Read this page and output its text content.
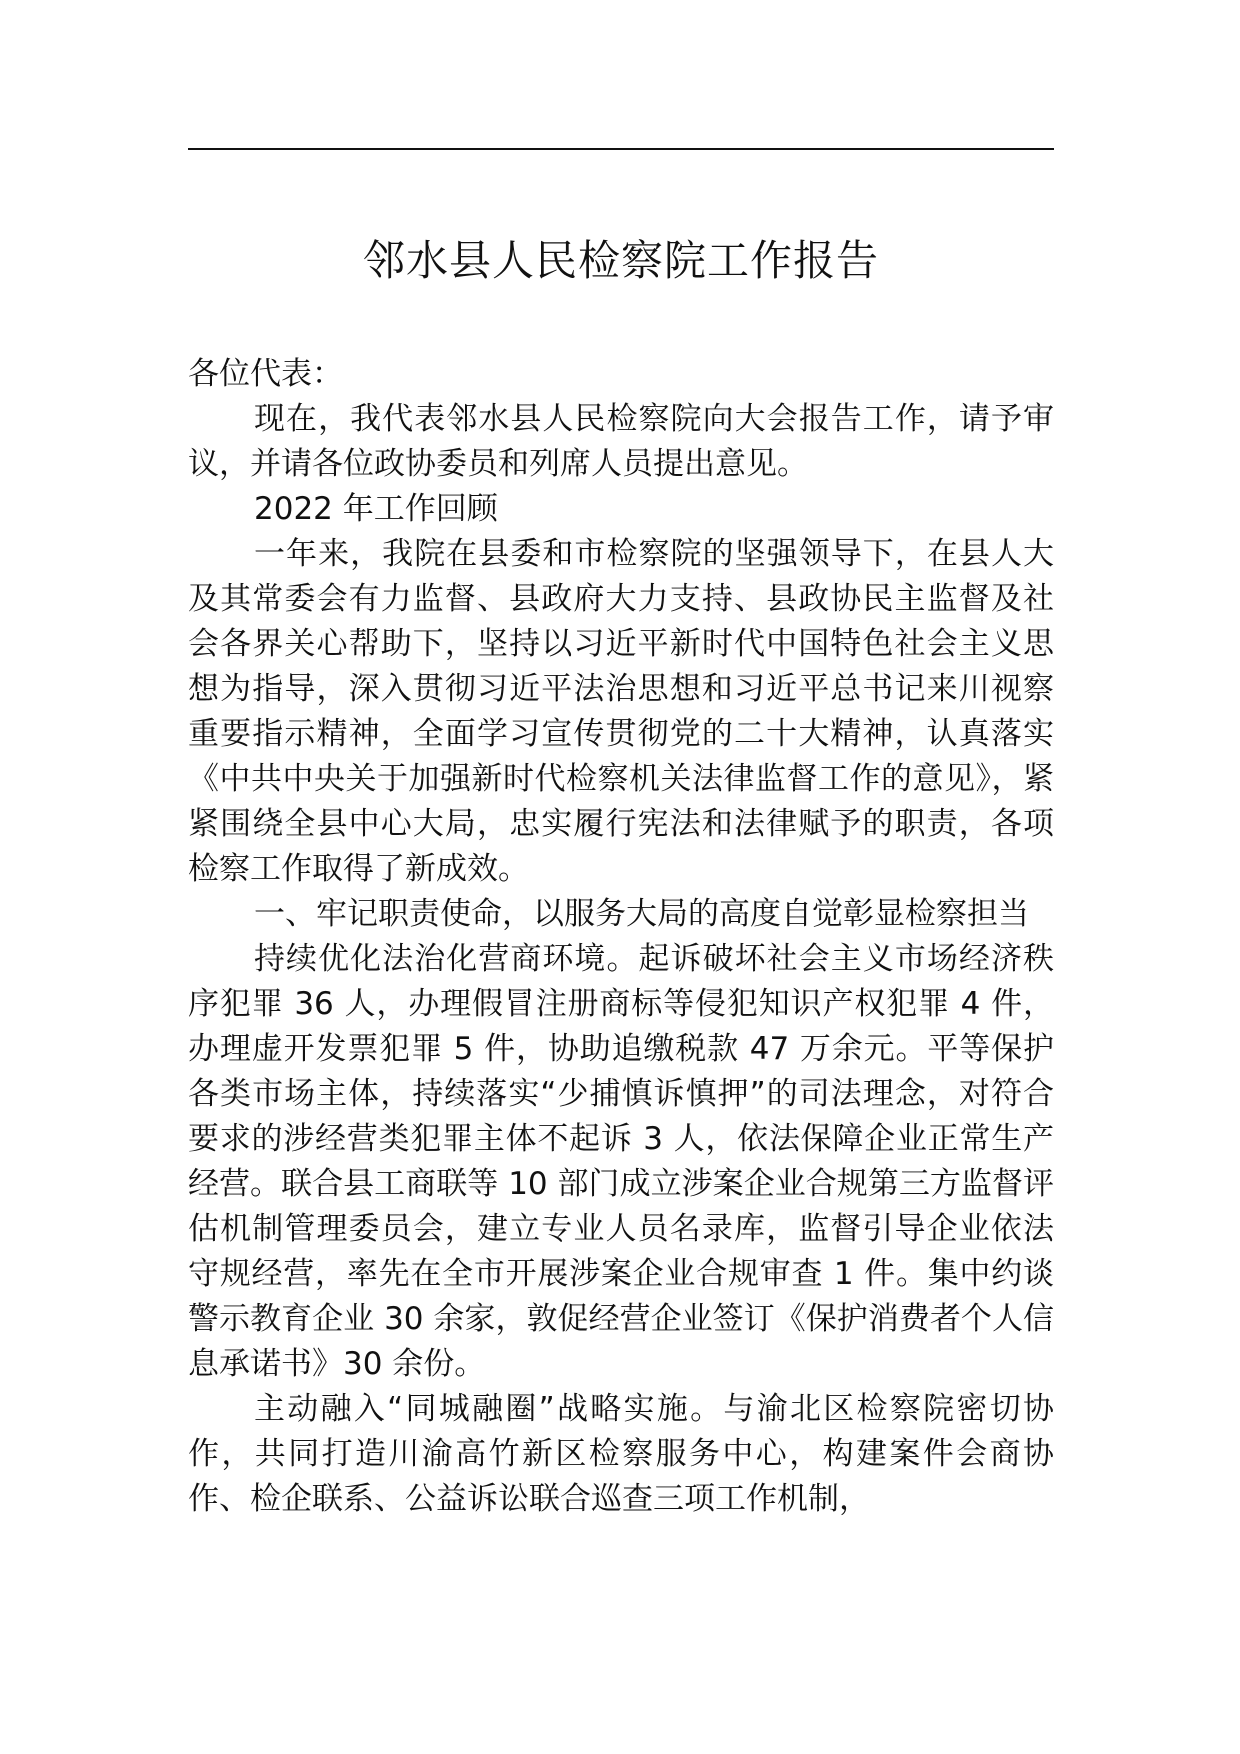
邻水县人民检察院工作报告

各位代表：

现在，我代表邻水县人民检察院向大会报告工作，请予审议，并请各位政协委员和列席人员提出意见。

2022 年工作回顾

一年来，我院在县委和市检察院的坚强领导下，在县人大及其常委会有力监督、县政府大力支持、县政协民主监督及社会各界关心帮助下，坚持以习近平新时代中国特色社会主义思想为指导，深入贯彻习近平法治思想和习近平总书记来川视察重要指示精神，全面学习宣传贯彻党的二十大精神，认真落实《中共中央关于加强新时代检察机关法律监督工作的意见》，紧紧围绕全县中心大局，忠实履行宪法和法律赋予的职责，各项检察工作取得了新成效。

一、牢记职责使命，以服务大局的高度自觉彰显检察担当

持续优化法治化营商环境。起诉破坏社会主义市场经济秩序犯罪 36 人，办理假冒注册商标等侵犯知识产权犯罪 4 件，办理虚开发票犯罪 5 件，协助追缴税款 47 万余元。平等保护各类市场主体，持续落实“少捕慎诉慎押”的司法理念，对符合要求的涉经营类犯罪主体不起诉 3 人，依法保障企业正常生产经营。联合县工商联等 10 部门成立涉案企业合规第三方监督评估机制管理委员会，建立专业人员名录库，监督引导企业依法守规经营，率先在全市开展涉案企业合规审查 1 件。集中约谈警示教育企业 30 余家，敦促经营企业签订《保护消费者个人信息承诺书》30 余份。

主动融入“同城融圈”战略实施。与渝北区检察院密切协作，共同打造川渝高竹新区检察服务中心，构建案件会商协作、检企联系、公益诉讼联合巡查三项工作机制，
